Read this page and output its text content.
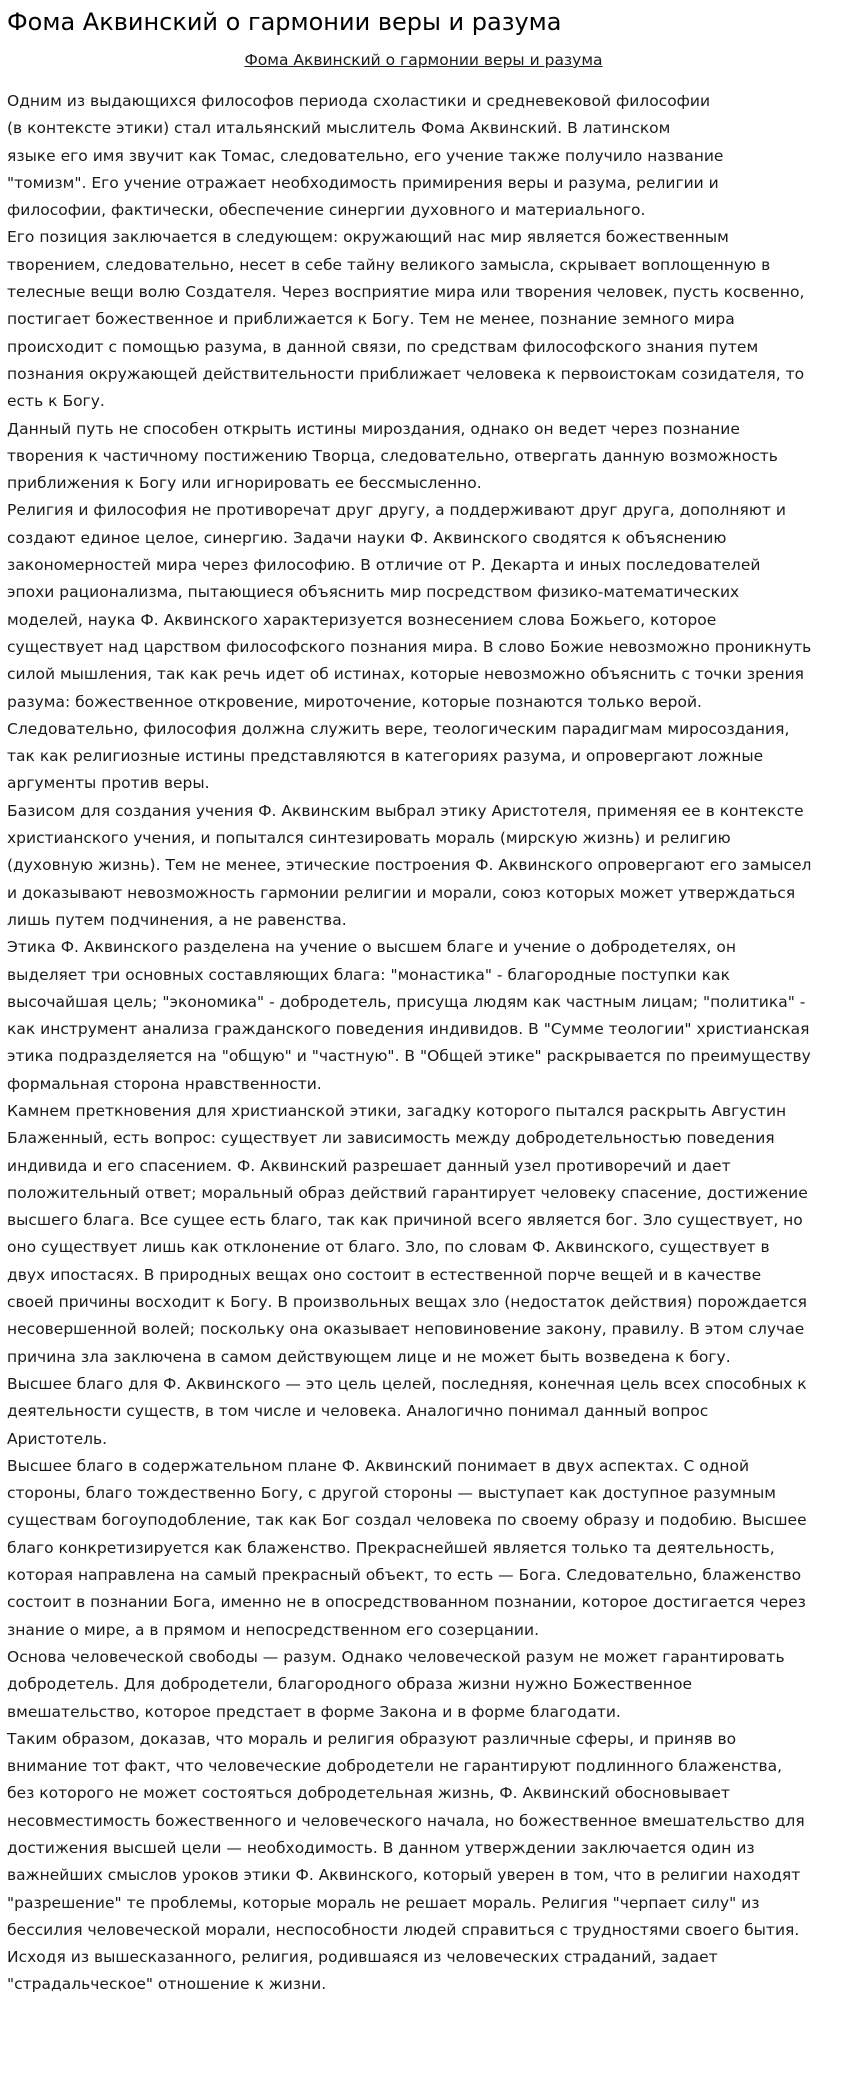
Фома Аквинский о гармонии веры и разума
Фома Аквинский о гармонии веры и разума
Одним из выдающихся философов периода схоластики и средневековой философии
(в контексте этики) стал итальянский мыслитель Фома Аквинский. В латинском
языке его имя звучит как Томас, следовательно, его учение также получило название
"томизм". Его учение отражает необходимость примирения веры и разума, религии и
философии, фактически, обеспечение синергии духовного и материального.
Его позиция заключается в следующем: окружающий нас мир является божественным
творением, следовательно, несет в себе тайну великого замысла, скрывает воплощенную в
телесные вещи волю Создателя. Через восприятие мира или творения человек, пусть косвенно,
постигает божественное и приближается к Богу. Тем не менее, познание земного мира
происходит с помощью разума, в данной связи, по средствам философского знания путем
познания окружающей действительности приближает человека к первоистокам созидателя, то
есть к Богу.
Данный путь не способен открыть истины мироздания, однако он ведет через познание
творения к частичному постижению Творца, следовательно, отвергать данную возможность
приближения к Богу или игнорировать ее бессмысленно.
Религия и философия не противоречат друг другу, а поддерживают друг друга, дополняют и
создают единое целое, синергию. Задачи науки Ф. Аквинского сводятся к объяснению
закономерностей мира через философию. В отличие от Р. Декарта и иных последователей
эпохи рационализма, пытающиеся объяснить мир посредством физико-математических
моделей, наука Ф. Аквинского характеризуется вознесением слова Божьего, которое
существует над царством философского познания мира. В слово Божие невозможно проникнуть
силой мышления, так как речь идет об истинах, которые невозможно объяснить с точки зрения
разума: божественное откровение, мироточение, которые познаются только верой.
Следовательно, философия должна служить вере, теологическим парадигмам миросоздания,
так как религиозные истины представляются в категориях разума, и опровергают ложные
аргументы против веры.
Базисом для создания учения Ф. Аквинским выбрал этику Аристотеля, применяя ее в контексте
христианского учения, и попытался синтезировать мораль (мирскую жизнь) и религию
(духовную жизнь). Тем не менее, этические построения Ф. Аквинского опровергают его замысел
и доказывают невозможность гармонии религии и морали, союз которых может утверждаться
лишь путем подчинения, а не равенства.
Этика Ф. Аквинского разделена на учение о высшем благе и учение о добродетелях, он
выделяет три основных составляющих блага: "монастика" - благородные поступки как
высочайшая цель; "экономика" - добродетель, присуща людям как частным лицам; "политика" -
как инструмент анализа гражданского поведения индивидов. В "Сумме теологии" христианская
этика подразделяется на "общую" и "частную". В "Общей этике" раскрывается по преимуществу
формальная сторона нравственности.
Камнем преткновения для христианской этики, загадку которого пытался раскрыть Августин
Блаженный, есть вопрос: существует ли зависимость между добродетельностью поведения
индивида и его спасением. Ф. Аквинский разрешает данный узел противоречий и дает
положительный ответ; моральный образ действий гарантирует человеку спасение, достижение
высшего блага. Все сущее есть благо, так как причиной всего является бог. Зло существует, но
оно существует лишь как отклонение от благо. Зло, по словам Ф. Аквинского, существует в
двух ипостасях. В природных вещах оно состоит в естественной порче вещей и в качестве
своей причины восходит к Богу. В произвольных вещах зло (недостаток действия) порождается
несовершенной волей; поскольку она оказывает неповиновение закону, правилу. В этом случае
причина зла заключена в самом действующем лице и не может быть возведена к богу.
Высшее благо для Ф. Аквинского — это цель целей, последняя, конечная цель всех способных к
деятельности существ, в том числе и человека. Аналогично понимал данный вопрос
Аристотель.
Высшее благо в содержательном плане Ф. Аквинский понимает в двух аспектах. С одной
стороны, благо тождественно Богу, с другой стороны — выступает как доступное разумным
существам богоуподобление, так как Бог создал человека по своему образу и подобию. Высшее
благо конкретизируется как блаженство. Прекраснейшей является только та деятельность,
которая направлена на самый прекрасный объект, то есть — Бога. Следовательно, блаженство
состоит в познании Бога, именно не в опосредствованном познании, которое достигается через
знание о мире, а в прямом и непосредственном его созерцании.
Основа человеческой свободы — разум. Однако человеческой разум не может гарантировать
добродетель. Для добродетели, благородного образа жизни нужно Божественное
вмешательство, которое предстает в форме Закона и в форме благодати.
Таким образом, доказав, что мораль и религия образуют различные сферы, и приняв во
внимание тот факт, что человеческие добродетели не гарантируют подлинного блаженства,
без которого не может состояться добродетельная жизнь, Ф. Аквинский обосновывает
несовместимость божественного и человеческого начала, но божественное вмешательство для
достижения высшей цели — необходимость. В данном утверждении заключается один из
важнейших смыслов уроков этики Ф. Аквинского, который уверен в том, что в религии находят
"разрешение" те проблемы, которые мораль не решает мораль. Религия "черпает силу" из
бессилия человеческой морали, неспособности людей справиться с трудностями своего бытия.
Исходя из вышесказанного, религия, родившаяся из человеческих страданий, задает
"страдальческое" отношение к жизни.
